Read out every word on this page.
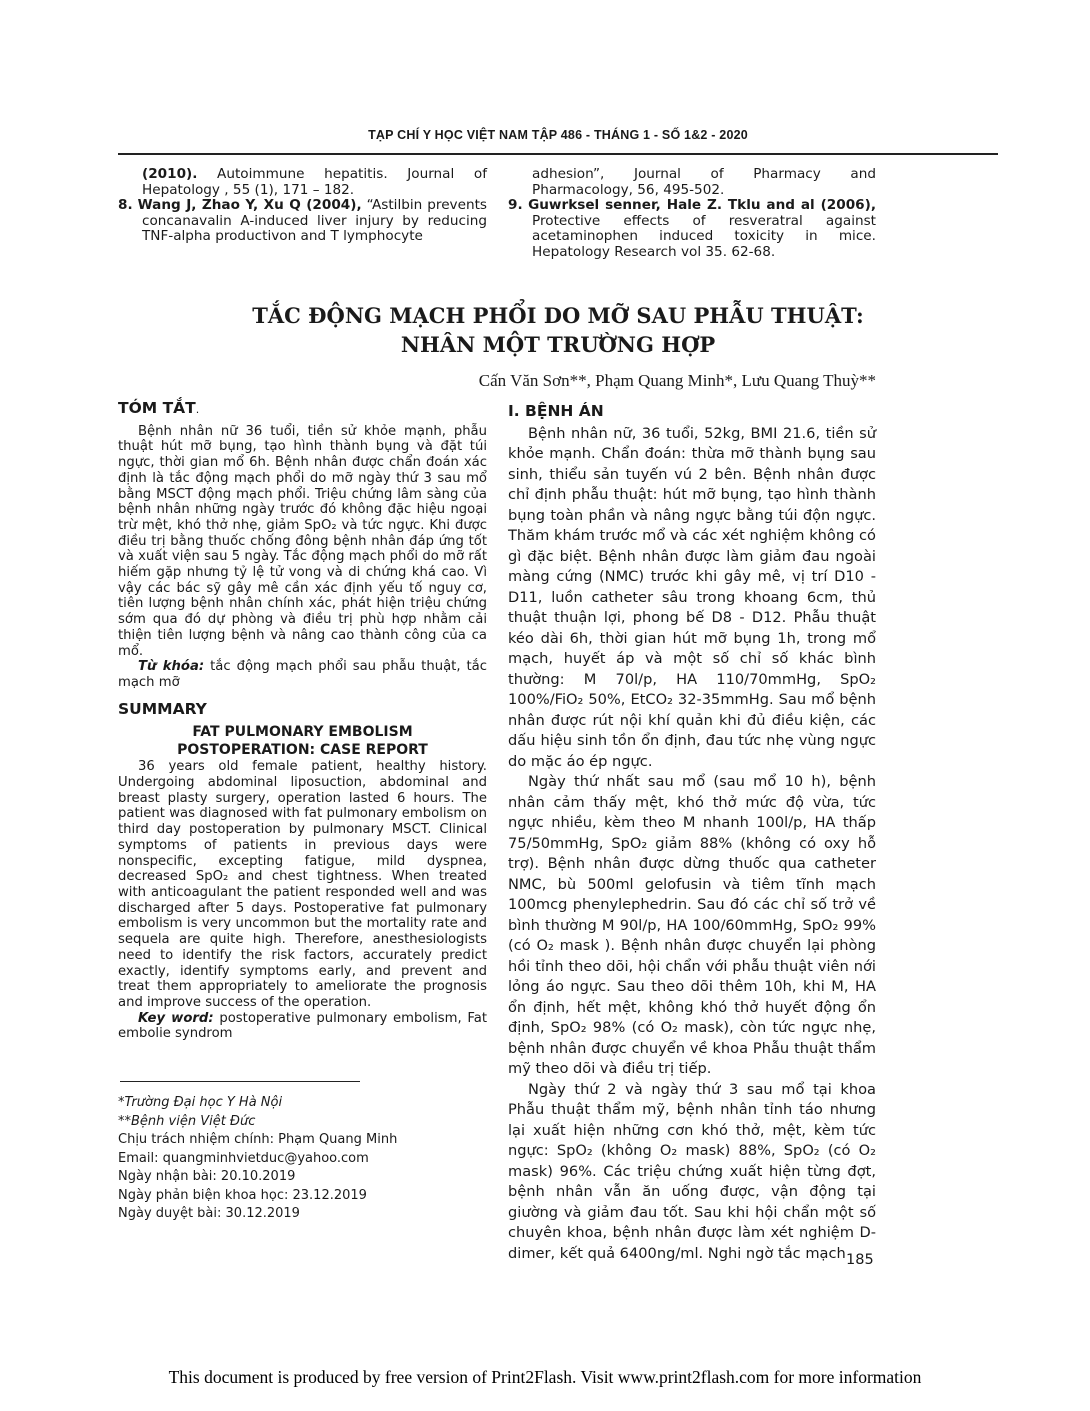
TẠP CHÍ Y HỌC VIỆT NAM TẬP 486 - THÁNG 1 - SỐ 1&2 - 2020
(2010). Autoimmune hepatitis. Journal of Hepatology , 55 (1), 171 – 182.
8. Wang J, Zhao Y, Xu Q (2004), “Astilbin prevents concanavalin A-induced liver injury by reducing TNF-alpha productivon and T lymphocyte
adhesion”, Journal of Pharmacy and Pharmacology, 56, 495-502.
9. Guwrksel senner, Hale Z. Tklu and al (2006), Protective effects of resveratral against acetaminophen induced toxicity in mice. Hepatology Research vol 35. 62-68.
TẮC ĐỘNG MẠCH PHỔI DO MỠ SAU PHẪU THUẬT:
NHÂN MỘT TRƯỜNG HỢP
Cấn Văn Sơn**, Phạm Quang Minh*, Lưu Quang Thuỳ**

TÓM TẮT.

Bệnh nhân nữ 36 tuổi, tiền sử khỏe mạnh, phẫu thuật hút mỡ bụng, tạo hình thành bụng và đặt túi ngực, thời gian mổ 6h. Bệnh nhân được chẩn đoán xác định là tắc động mạch phổi do mỡ ngày thứ 3 sau mổ bằng MSCT động mạch phổi. Triệu chứng lâm sàng của bệnh nhân những ngày trước đó không đặc hiệu ngoại trừ mệt, khó thở nhẹ, giảm SpO₂ và tức ngực. Khi được điều trị bằng thuốc chống đông bệnh nhân đáp ứng tốt và xuất viện sau 5 ngày. Tắc động mạch phổi do mỡ rất hiếm gặp nhưng tỷ lệ tử vong và di chứng khá cao. Vì vậy các bác sỹ gây mê cần xác định yếu tố nguy cơ, tiên lượng bệnh nhân chính xác, phát hiện triệu chứng sớm qua đó dự phòng và điều trị phù hợp nhằm cải thiện tiên lượng bệnh và nâng cao thành công của ca mổ.

Từ khóa: tắc động mạch phổi sau phẫu thuật, tắc mạch mỡ

SUMMARY

FAT PULMONARY EMBOLISM
POSTOPERATION: CASE REPORT

36 years old female patient, healthy history. Undergoing abdominal liposuction, abdominal and breast plasty surgery, operation lasted 6 hours. The patient was diagnosed with fat pulmonary embolism on third day postoperation by pulmonary MSCT. Clinical symptoms of patients in previous days were nonspecific, excepting fatigue, mild dyspnea, decreased SpO₂ and chest tightness. When treated with anticoagulant the patient responded well and was discharged after 5 days. Postoperative fat pulmonary embolism is very uncommon but the mortality rate and sequela are quite high. Therefore, anesthesiologists need to identify the risk factors, accurately predict exactly, identify symptoms early, and prevent and treat them appropriately to ameliorate the prognosis and improve success of the operation.

Key word: postoperative pulmonary embolism, Fat embolie syndrom

*Trường Đại học Y Hà Nội
**Bệnh viện Việt Đức
Chịu trách nhiệm chính: Phạm Quang Minh
Email: quangminhvietduc@yahoo.com
Ngày nhận bài: 20.10.2019
Ngày phản biện khoa học: 23.12.2019
Ngày duyệt bài: 30.12.2019

I. BỆNH ÁN

Bệnh nhân nữ, 36 tuổi, 52kg, BMI 21.6, tiền sử khỏe mạnh. Chẩn đoán: thừa mỡ thành bụng sau sinh, thiểu sản tuyến vú 2 bên. Bệnh nhân được chỉ định phẫu thuật: hút mỡ bụng, tạo hình thành bụng toàn phần và nâng ngực bằng túi độn ngực. Thăm khám trước mổ và các xét nghiệm không có gì đặc biệt. Bệnh nhân được làm giảm đau ngoài màng cứng (NMC) trước khi gây mê, vị trí D10 - D11, luồn catheter sâu trong khoang 6cm, thủ thuật thuận lợi, phong bế D8 - D12. Phẫu thuật kéo dài 6h, thời gian hút mỡ bụng 1h, trong mổ mạch, huyết áp và một số chỉ số khác bình thường: M 70l/p, HA 110/70mmHg, SpO₂ 100%/FiO₂ 50%, EtCO₂ 32-35mmHg. Sau mổ bệnh nhân được rút nội khí quản khi đủ điều kiện, các dấu hiệu sinh tồn ổn định, đau tức nhẹ vùng ngực do mặc áo ép ngực.

Ngày thứ nhất sau mổ (sau mổ 10 h), bệnh nhân cảm thấy mệt, khó thở mức độ vừa, tức ngực nhiều, kèm theo M nhanh 100l/p, HA thấp 75/50mmHg, SpO₂ giảm 88% (không có oxy hỗ trợ). Bệnh nhân được dừng thuốc qua catheter NMC, bù 500ml gelofusin và tiêm tĩnh mạch 100mcg phenylephedrin. Sau đó các chỉ số trở về bình thường M 90l/p, HA 100/60mmHg, SpO₂ 99% (có O₂ mask ). Bệnh nhân được chuyển lại phòng hồi tỉnh theo dõi, hội chẩn với phẫu thuật viên nới lỏng áo ngực. Sau theo dõi thêm 10h, khi M, HA ổn định, hết mệt, không khó thở huyết động ổn định, SpO₂ 98% (có O₂ mask), còn tức ngực nhẹ, bệnh nhân được chuyển về khoa Phẫu thuật thẩm mỹ theo dõi và điều trị tiếp.

Ngày thứ 2 và ngày thứ 3 sau mổ tại khoa Phẫu thuật thẩm mỹ, bệnh nhân tỉnh táo nhưng lại xuất hiện những cơn khó thở, mệt, kèm tức ngực: SpO₂ (không O₂ mask) 88%, SpO₂ (có O₂ mask) 96%. Các triệu chứng xuất hiện từng đợt, bệnh nhân vẫn ăn uống được, vận động tại giường và giảm đau tốt. Sau khi hội chẩn một số chuyên khoa, bệnh nhân được làm xét nghiệm D-dimer, kết quả 6400ng/ml. Nghi ngờ tắc mạch 185
This document is produced by free version of Print2Flash. Visit www.print2flash.com for more information
